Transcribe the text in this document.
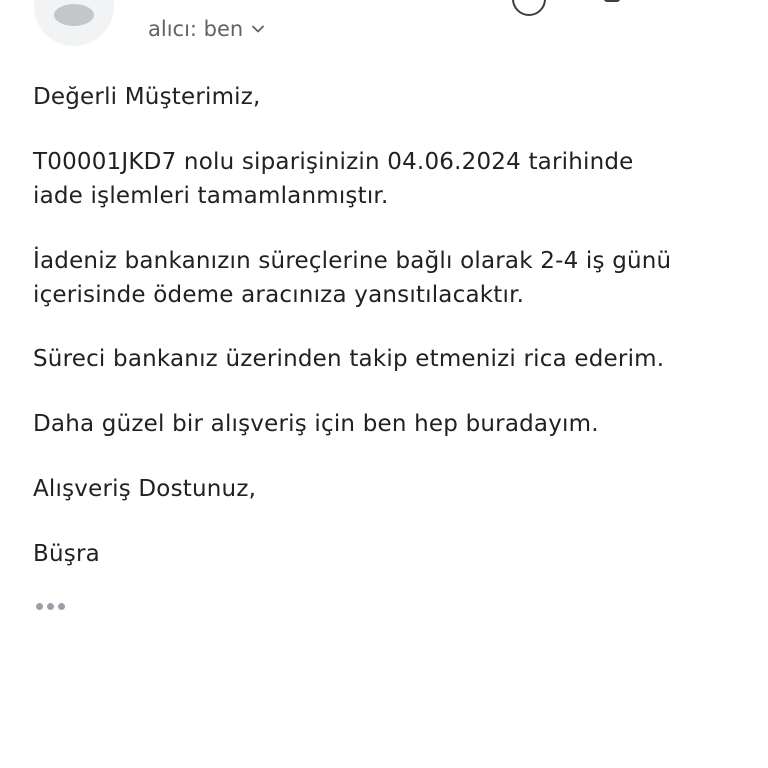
alıcı: ben
Değerli Müşterimiz,
T00001JKD7 nolu siparişinizin 04.06.2024 tarihinde
iade işlemleri tamamlanmıştır.
İadeniz bankanızın süreçlerine bağlı olarak 2-4 iş günü
içerisinde ödeme aracınıza yansıtılacaktır.
Süreci bankanız üzerinden takip etmenizi rica ederim.
Daha güzel bir alışveriş için ben hep buradayım.
Alışveriş Dostunuz,
Büşra
